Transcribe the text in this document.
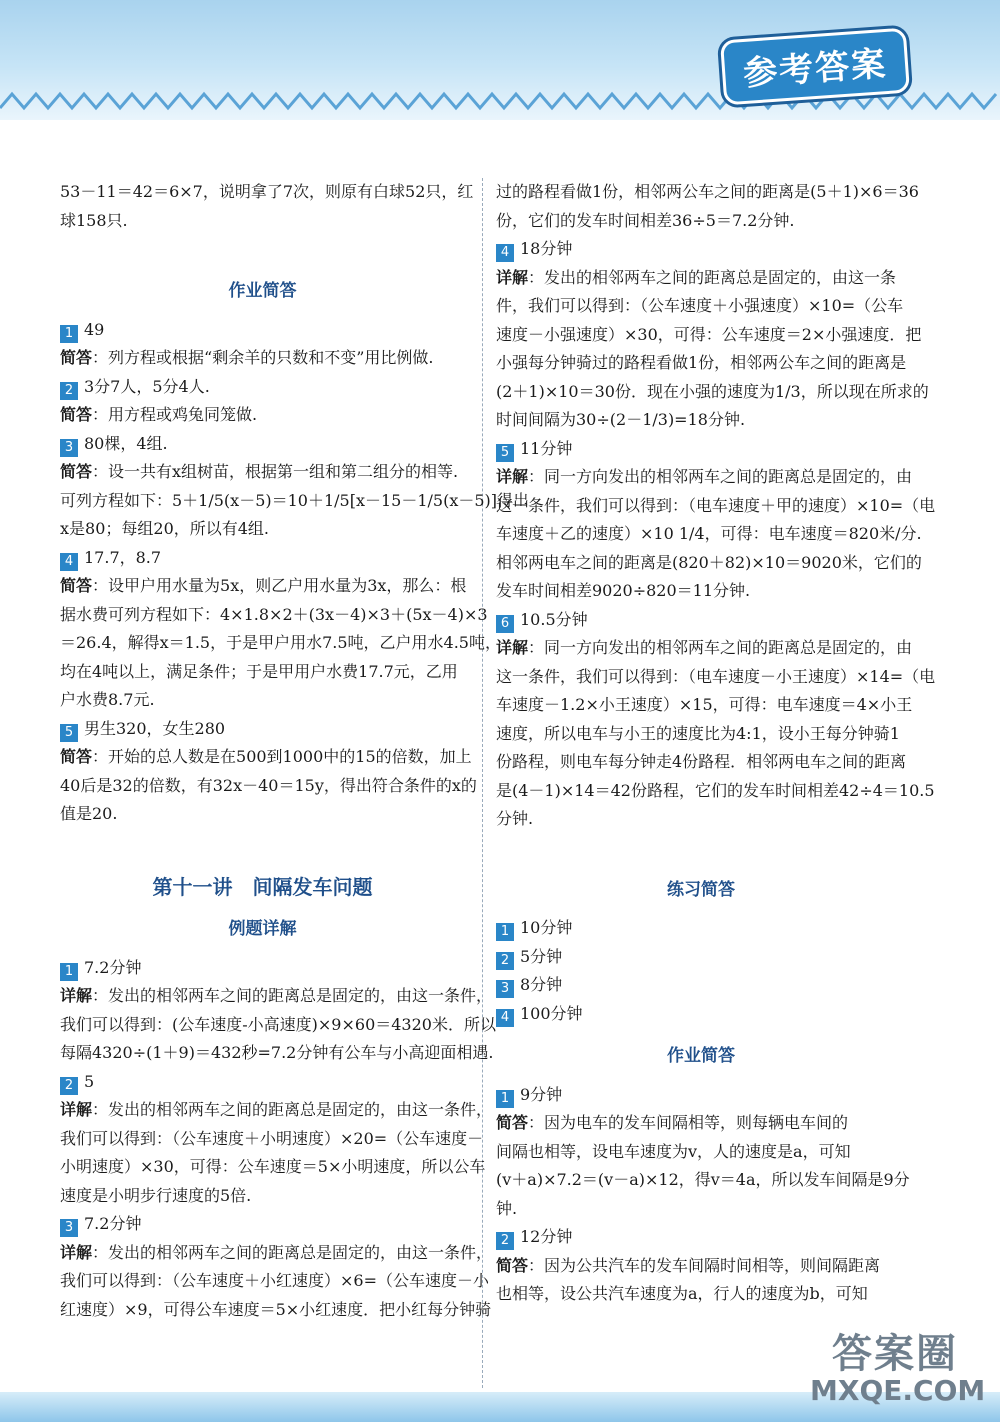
参考答案
53－11＝42＝6×7，说明拿了7次，则原有白球52只，红
球158只.
作业简答
1 49
简答：列方程或根据“剩余羊的只数和不变”用比例做.
2 3分7人，5分4人.
简答：用方程或鸡兔同笼做.
3 80棵，4组.
简答：设一共有x组树苗，根据第一组和第二组分的相等.
可列方程如下：5＋1/5(x－5)＝10＋1/5[x－15－1/5(x－5)]得出
x是80；每组20，所以有4组.
4 17.7，8.7
简答：设甲户用水量为5x，则乙户用水量为3x，那么：根
据水费可列方程如下：4×1.8×2＋(3x－4)×3＋(5x－4)×3
＝26.4，解得x＝1.5，于是甲户用水7.5吨，乙户用水4.5吨，
均在4吨以上，满足条件；于是甲用户水费17.7元，乙用
户水费8.7元.
5 男生320，女生280
简答：开始的总人数是在500到1000中的15的倍数，加上
40后是32的倍数，有32x－40＝15y，得出符合条件的x的
值是20.
第十一讲　间隔发车问题
例题详解
1 7.2分钟
详解：发出的相邻两车之间的距离总是固定的，由这一条件，
我们可以得到：(公车速度-小高速度)×9×60＝4320米．所以
每隔4320÷(1＋9)＝432秒=7.2分钟有公车与小高迎面相遇.
2 5
详解：发出的相邻两车之间的距离总是固定的，由这一条件，
我们可以得到：（公车速度＋小明速度）×20=（公车速度－
小明速度）×30，可得：公车速度＝5×小明速度，所以公车
速度是小明步行速度的5倍.
3 7.2分钟
详解：发出的相邻两车之间的距离总是固定的，由这一条件，
我们可以得到：（公车速度＋小红速度）×6=（公车速度－小
红速度）×9，可得公车速度＝5×小红速度．把小红每分钟骑
过的路程看做1份，相邻两公车之间的距离是(5＋1)×6＝36
份，它们的发车时间相差36÷5＝7.2分钟.
4 18分钟
详解：发出的相邻两车之间的距离总是固定的，由这一条
件，我们可以得到：（公车速度＋小强速度）×10=（公车
速度－小强速度）×30，可得：公车速度＝2×小强速度．把
小强每分钟骑过的路程看做1份，相邻两公车之间的距离是
(2＋1)×10＝30份．现在小强的速度为1/3，所以现在所求的
时间间隔为30÷(2－1/3)=18分钟.
5 11分钟
详解：同一方向发出的相邻两车之间的距离总是固定的，由
这一条件，我们可以得到：（电车速度＋甲的速度）×10=（电
车速度＋乙的速度）×10 1/4，可得：电车速度＝820米/分.
相邻两电车之间的距离是(820＋82)×10＝9020米，它们的
发车时间相差9020÷820＝11分钟.
6 10.5分钟
详解：同一方向发出的相邻两车之间的距离总是固定的，由
这一条件，我们可以得到：（电车速度－小王速度）×14=（电
车速度－1.2×小王速度）×15，可得：电车速度＝4×小王
速度，所以电车与小王的速度比为4:1，设小王每分钟骑1
份路程，则电车每分钟走4份路程．相邻两电车之间的距离
是(4－1)×14＝42份路程，它们的发车时间相差42÷4＝10.5
分钟.
练习简答
1 10分钟
2 5分钟
3 8分钟
4 100分钟
作业简答
1 9分钟
简答：因为电车的发车间隔相等，则每辆电车间的
间隔也相等，设电车速度为v，人的速度是a，可知
(v＋a)×7.2＝(v－a)×12，得v＝4a，所以发车间隔是9分
钟.
2 12分钟
简答：因为公共汽车的发车间隔时间相等，则间隔距离
也相等，设公共汽车速度为a，行人的速度为b，可知
答案圈
MXQE.COM
